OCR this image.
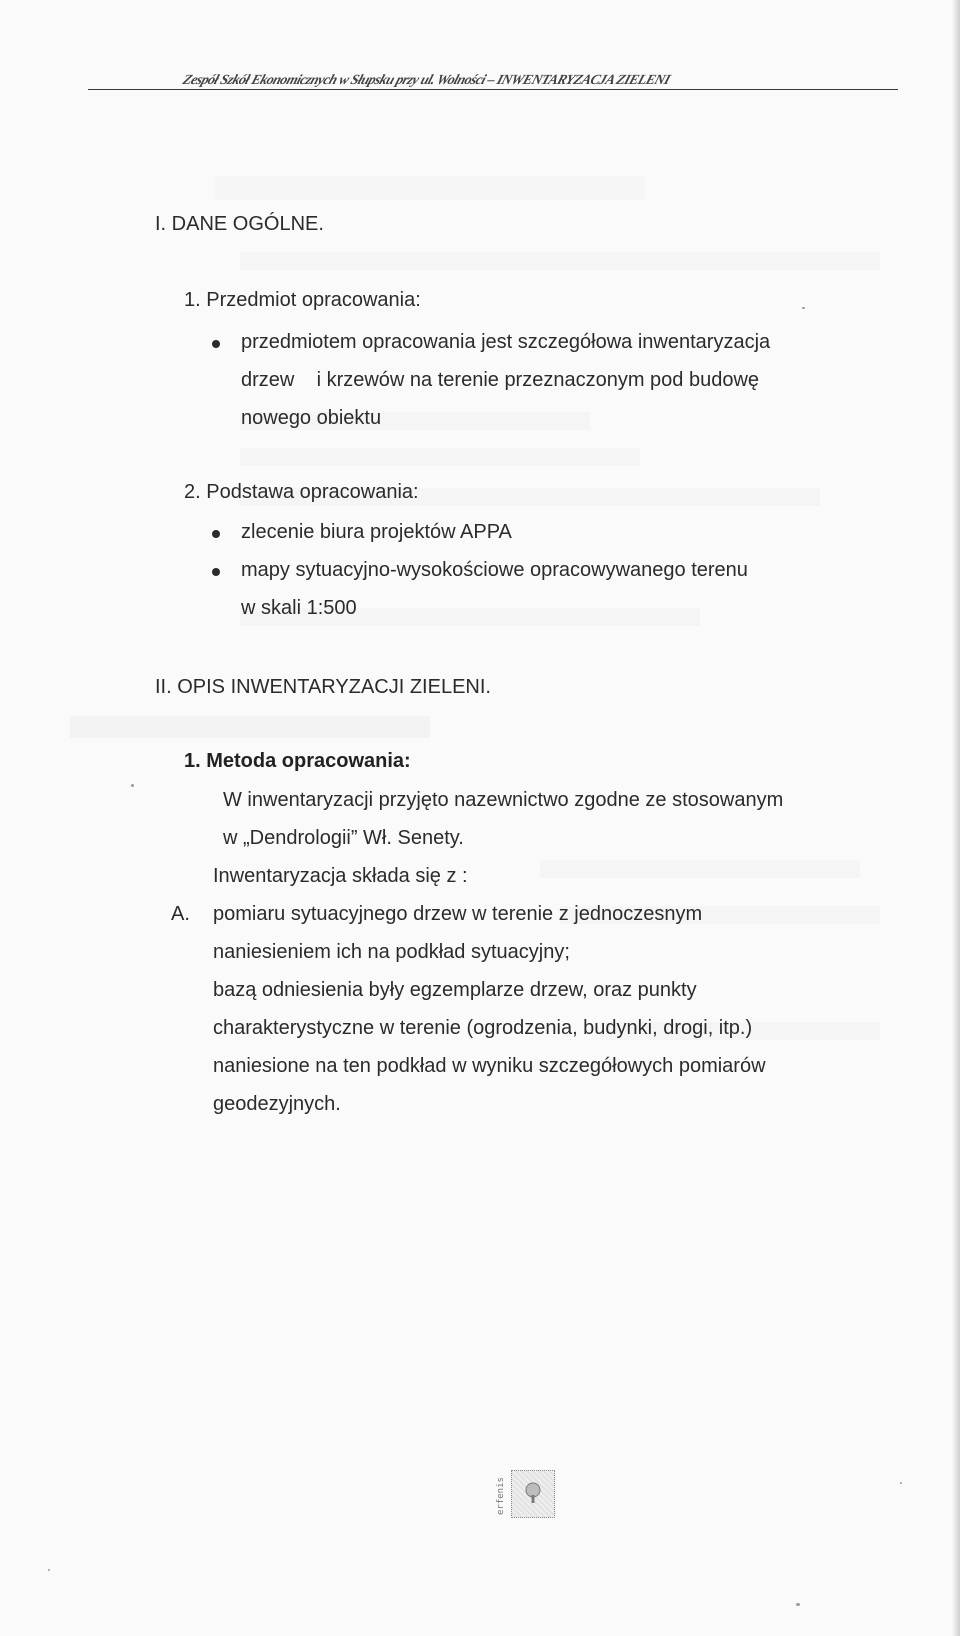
Zespół Szkół Ekonomicznych w Słupsku przy ul. Wolności – INWENTARYZACJA ZIELENI
I. DANE OGÓLNE.
1. Przedmiot opracowania:
przedmiotem opracowania jest szczegółowa inwentaryzacja
drzew    i krzewów na terenie przeznaczonym pod budowę
nowego obiektu
2. Podstawa opracowania:
zlecenie biura projektów APPA
mapy sytuacyjno-wysokościowe opracowywanego terenu
w skali 1:500
II. OPIS INWENTARYZACJI ZIELENI.
1. Metoda opracowania:
W inwentaryzacji przyjęto nazewnictwo zgodne ze stosowanym
w „Dendrologii” Wł. Senety.
Inwentaryzacja składa się z :
A. pomiaru sytuacyjnego drzew w terenie z jednoczesnym
naniesieniem ich na podkład sytuacyjny;
bazą odniesienia były egzemplarze drzew, oraz punkty
charakterystyczne w terenie (ogrodzenia, budynki, drogi, itp.)
naniesione na ten podkład w wyniku szczegółowych pomiarów
geodezyjnych.
erfenis
